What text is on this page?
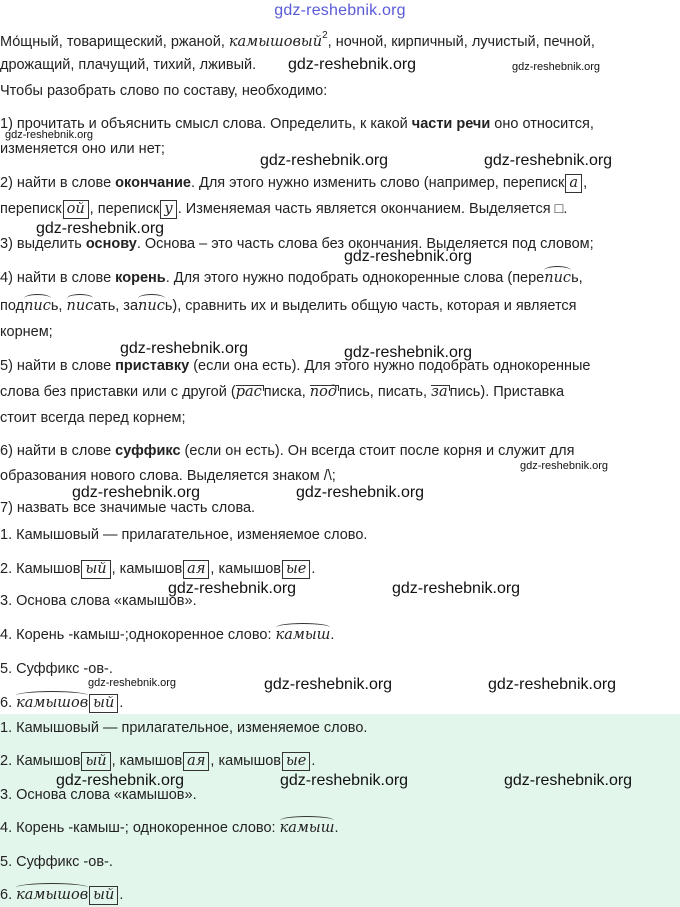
gdz-reshebnik.org
Мо́щный, товарищеский, ржаной, камышовый$^2$, ночной, кирпичный, лучистый, печной,
дрожащий, плачущий, тихий, лживый.
Чтобы разобрать слово по составу, необходимо:
1) прочитать и объяснить смысл слова. Определить, к какой части речи оно относится,
изменяется оно или нет;
2) найти в слове окончание. Для этого нужно изменить слово (например, переписк а ,
переписк ой , переписк у . Изменяемая часть является окончанием. Выделяется □.
3) выделить основу. Основа – это часть слова без окончания. Выделяется под словом;
4) найти в слове корень. Для этого нужно подобрать однокоренные слова (перепись,
подпись, писать, запись), сравнить их и выделить общую часть, которая и является
корнем;
5) найти в слове приставку (если она есть). Для этого нужно подобрать однокоренные
слова без приставки или с другой (рас писка, под пись, писать, за пись). Приставка
стоит всегда перед корнем;
6) найти в слове суффикс (если он есть). Он всегда стоит после корня и служит для
образования нового слова. Выделяется знаком /\;
7) назвать все значимые часть слова.
1. Камышовый — прилагательное, изменяемое слово.
2. Камышов ый , камышов ая , камышов ые .
3. Основа слова «камышов».
4. Корень -камыш-;однокоренное слово: камыш.
5. Суффикс -ов-.
6. камышов ый .
1. Камышовый — прилагательное, изменяемое слово.
2. Камышов ый , камышов ая , камышов ые .
3. Основа слова «камышов».
4. Корень -камыш-; однокоренное слово: камыш.
5. Суффикс -ов-.
6. камышов ый .
gdz-reshebnik.org	gdz-reshebnik.org
gdz-reshebnik.org
gdz-reshebnik.org	gdz-reshebnik.org
gdz-reshebnik.org
gdz-reshebnik.org
gdz-reshebnik.org	gdz-reshebnik.org
gdz-reshebnik.org
gdz-reshebnik.org	gdz-reshebnik.org
gdz-reshebnik.org	gdz-reshebnik.org
gdz-reshebnik.org	gdz-reshebnik.org	gdz-reshebnik.org
gdz-reshebnik.org	gdz-reshebnik.org	gdz-reshebnik.org
